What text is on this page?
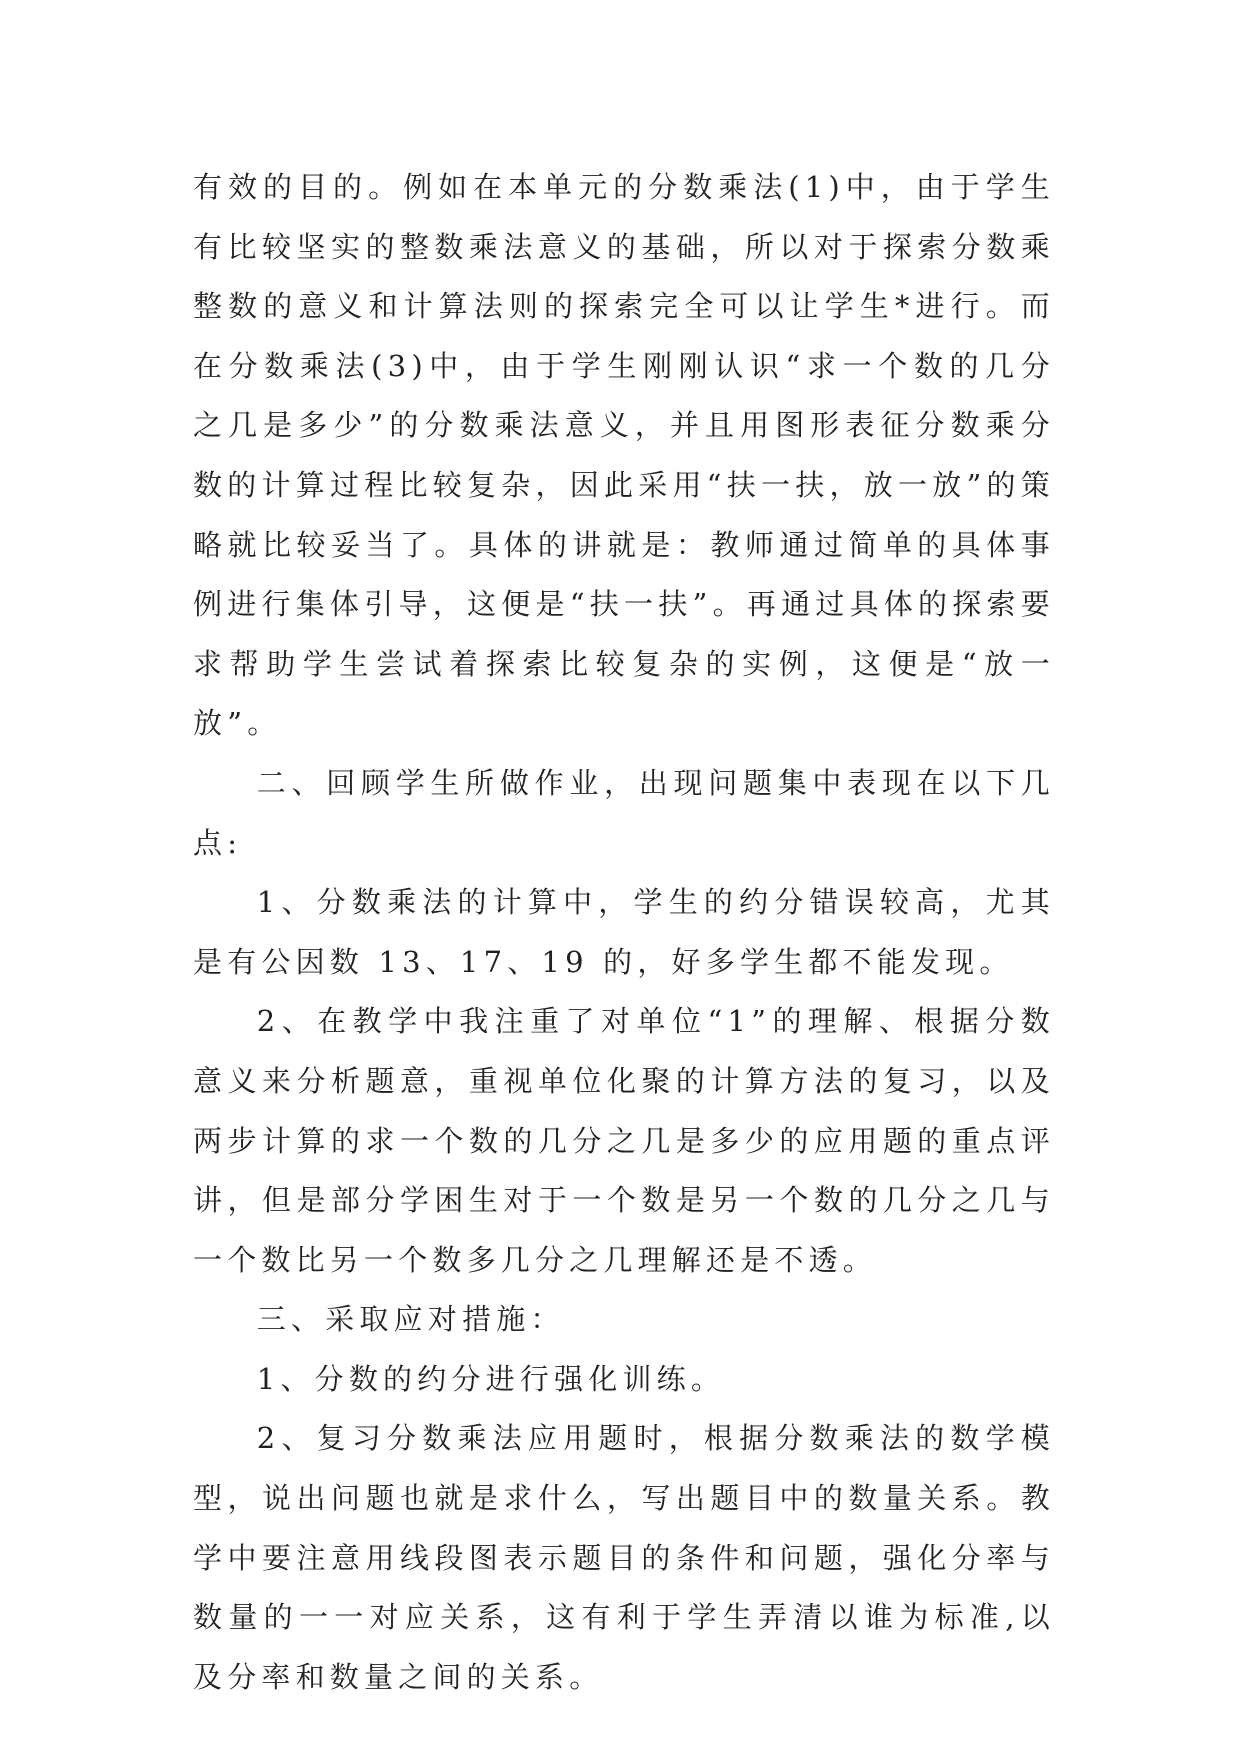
有效的目的。例如在本单元的分数乘法(1)中，由于学生有比较坚实的整数乘法意义的基础，所以对于探索分数乘整数的意义和计算法则的探索完全可以让学生*进行。而在分数乘法(3)中，由于学生刚刚认识“求一个数的几分之几是多少”的分数乘法意义，并且用图形表征分数乘分数的计算过程比较复杂，因此采用“扶一扶，放一放”的策略就比较妥当了。具体的讲就是：教师通过简单的具体事例进行集体引导，这便是“扶一扶”。再通过具体的探索要求帮助学生尝试着探索比较复杂的实例，这便是“放一放”。

二、回顾学生所做作业，出现问题集中表现在以下几点:

1、分数乘法的计算中，学生的约分错误较高，尤其是有公因数 13、17、19 的，好多学生都不能发现。

2、在教学中我注重了对单位“1”的理解、根据分数意义来分析题意，重视单位化聚的计算方法的复习，以及两步计算的求一个数的几分之几是多少的应用题的重点评讲，但是部分学困生对于一个数是另一个数的几分之几与一个数比另一个数多几分之几理解还是不透。

三、采取应对措施：

1、分数的约分进行强化训练。

2、复习分数乘法应用题时，根据分数乘法的数学模型，说出问题也就是求什么，写出题目中的数量关系。教学中要注意用线段图表示题目的条件和问题，强化分率与数量的一一对应关系，这有利于学生弄清以谁为标准,以及分率和数量之间的关系。
